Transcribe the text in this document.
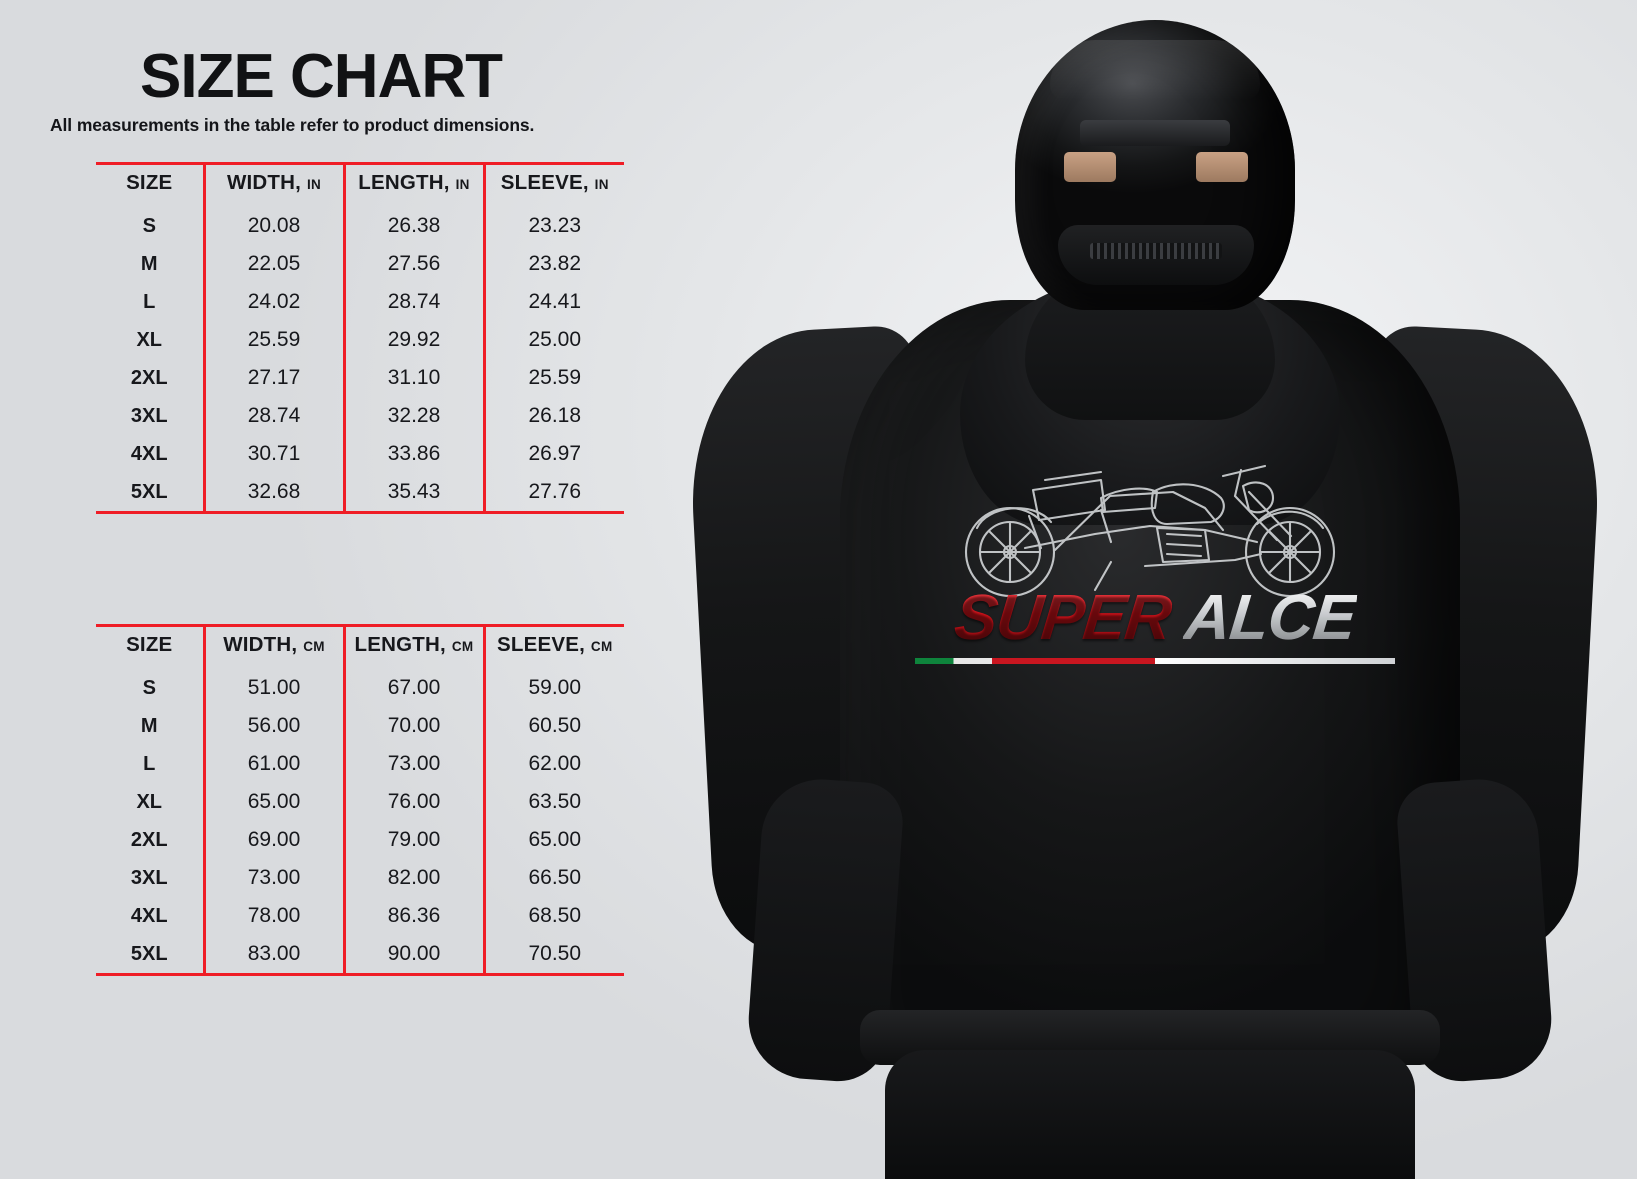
SIZE CHART

All measurements in the table refer to product dimensions.

SIZE	WIDTH, IN	LENGTH, IN	SLEEVE, IN
S	20.08	26.38	23.23
M	22.05	27.56	23.82
L	24.02	28.74	24.41
XL	25.59	29.92	25.00
2XL	27.17	31.10	25.59
3XL	28.74	32.28	26.18
4XL	30.71	33.86	26.97
5XL	32.68	35.43	27.76
SIZE	WIDTH, CM	LENGTH, CM	SLEEVE, CM
S	51.00	67.00	59.00
M	56.00	70.00	60.50
L	61.00	73.00	62.00
XL	65.00	76.00	63.50
2XL	69.00	79.00	65.00
3XL	73.00	82.00	66.50
4XL	78.00	86.36	68.50
5XL	83.00	90.00	70.50
SUPER ALCE
